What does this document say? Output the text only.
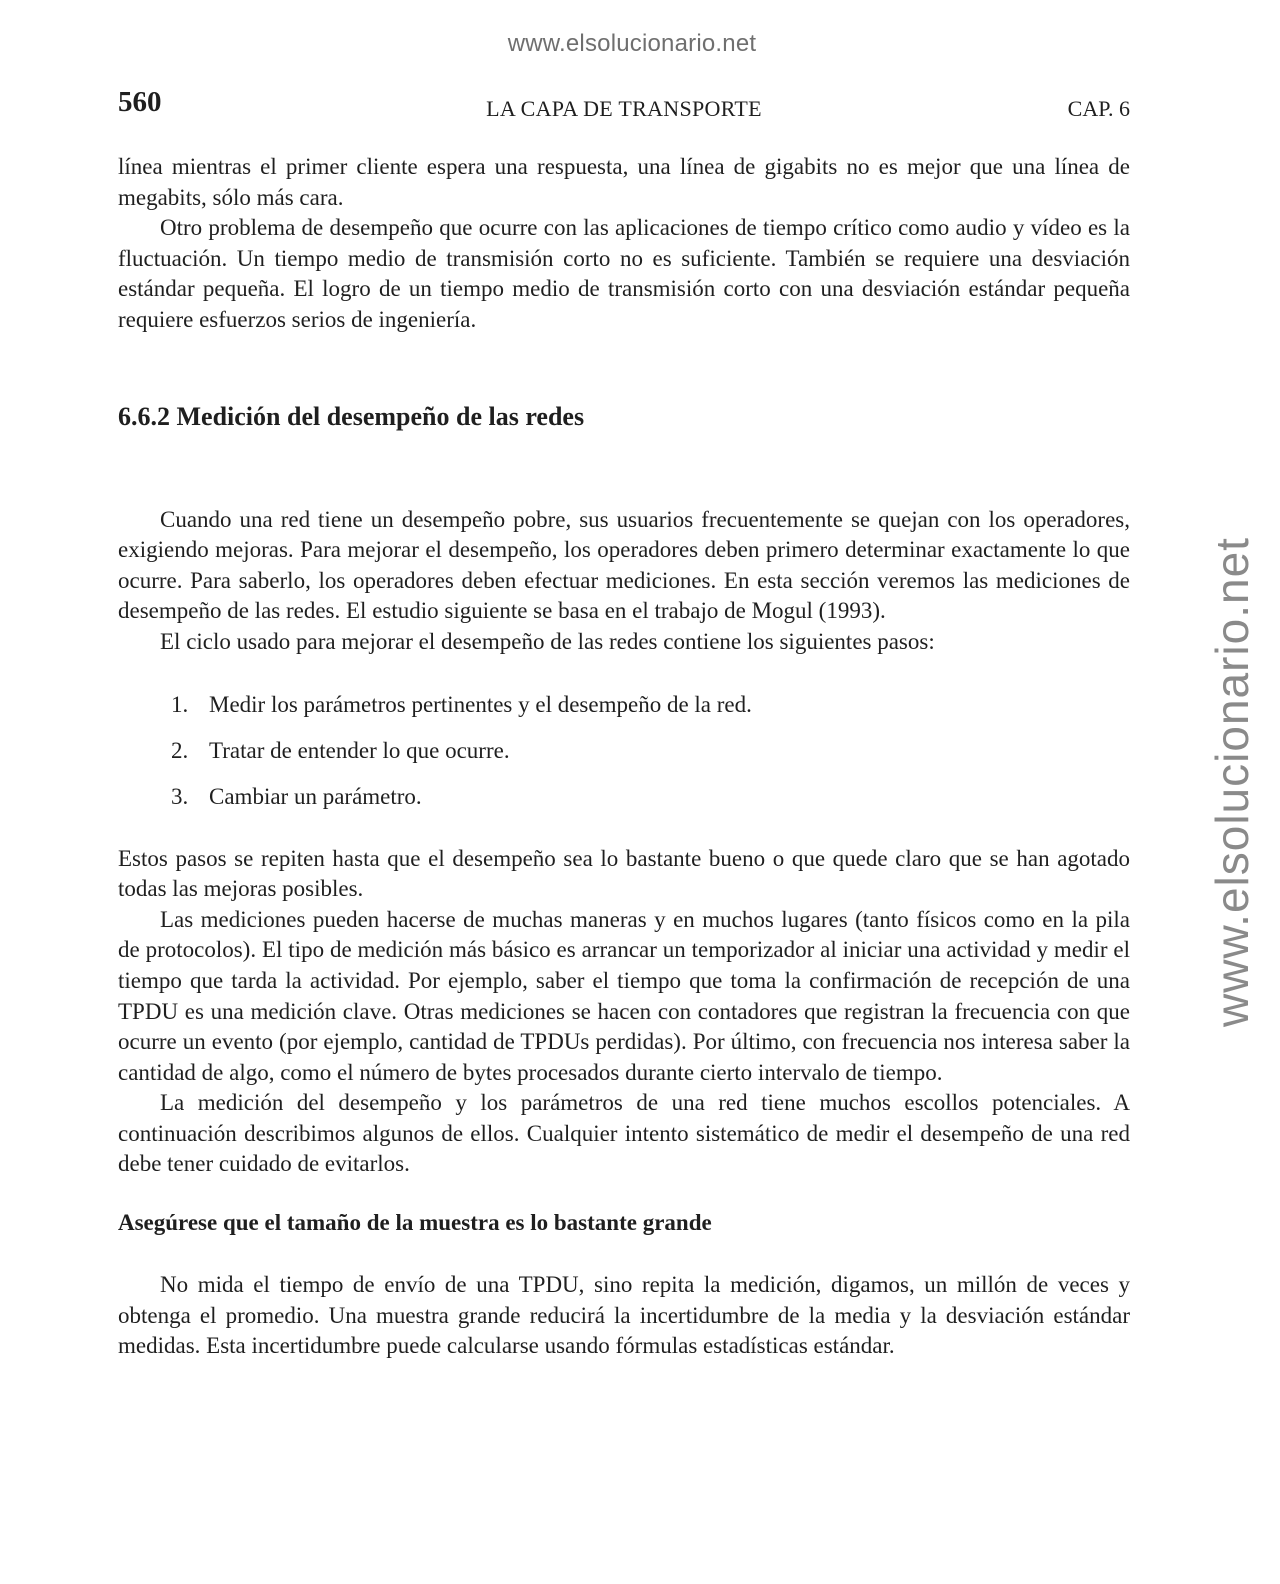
www.elsolucionario.net
www.elsolucionario.net
560	LA CAPA DE TRANSPORTE	CAP. 6

línea mientras el primer cliente espera una respuesta, una línea de gigabits no es mejor que una línea de megabits, sólo más cara.

Otro problema de desempeño que ocurre con las aplicaciones de tiempo crítico como audio y vídeo es la fluctuación. Un tiempo medio de transmisión corto no es suficiente. También se requiere una desviación estándar pequeña. El logro de un tiempo medio de transmisión corto con una desviación estándar pequeña requiere esfuerzos serios de ingeniería.

6.6.2 Medición del desempeño de las redes

Cuando una red tiene un desempeño pobre, sus usuarios frecuentemente se quejan con los operadores, exigiendo mejoras. Para mejorar el desempeño, los operadores deben primero determinar exactamente lo que ocurre. Para saberlo, los operadores deben efectuar mediciones. En esta sección veremos las mediciones de desempeño de las redes. El estudio siguiente se basa en el trabajo de Mogul (1993).

El ciclo usado para mejorar el desempeño de las redes contiene los siguientes pasos:

1. Medir los parámetros pertinentes y el desempeño de la red.
2. Tratar de entender lo que ocurre.
3. Cambiar un parámetro.

Estos pasos se repiten hasta que el desempeño sea lo bastante bueno o que quede claro que se han agotado todas las mejoras posibles.

Las mediciones pueden hacerse de muchas maneras y en muchos lugares (tanto físicos como en la pila de protocolos). El tipo de medición más básico es arrancar un temporizador al iniciar una actividad y medir el tiempo que tarda la actividad. Por ejemplo, saber el tiempo que toma la confirmación de recepción de una TPDU es una medición clave. Otras mediciones se hacen con contadores que registran la frecuencia con que ocurre un evento (por ejemplo, cantidad de TPDUs perdidas). Por último, con frecuencia nos interesa saber la cantidad de algo, como el número de bytes procesados durante cierto intervalo de tiempo.

La medición del desempeño y los parámetros de una red tiene muchos escollos potenciales. A continuación describimos algunos de ellos. Cualquier intento sistemático de medir el desempeño de una red debe tener cuidado de evitarlos.

Asegúrese que el tamaño de la muestra es lo bastante grande

No mida el tiempo de envío de una TPDU, sino repita la medición, digamos, un millón de veces y obtenga el promedio. Una muestra grande reducirá la incertidumbre de la media y la desviación estándar medidas. Esta incertidumbre puede calcularse usando fórmulas estadísticas estándar.
